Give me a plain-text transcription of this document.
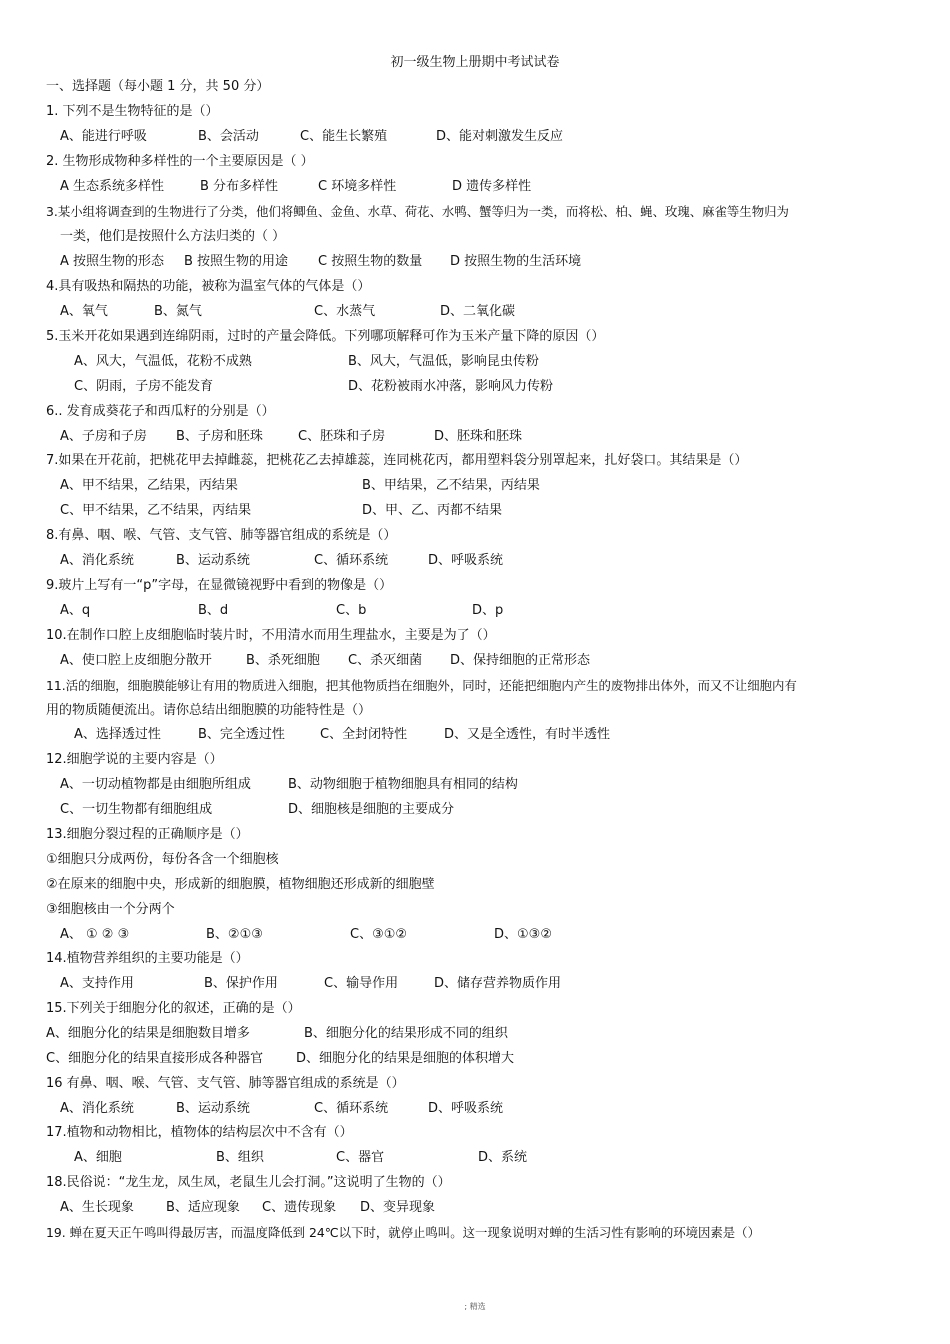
初一级生物上册期中考试试卷
一、选择题（每小题 1 分，共 50 分）
1. 下列不是生物特征的是（）
A、能进行呼吸	B、会活动	C、能生长繁殖	D、能对刺激发生反应
2. 生物形成物种多样性的一个主要原因是（ ）
A 生态系统多样性	B 分布多样性	C 环境多样性	D 遗传多样性
3.某小组将调查到的生物进行了分类，他们将鲫鱼、金鱼、水草、荷花、水鸭、蟹等归为一类，而将松、柏、蝇、玫瑰、麻雀等生物归为
一类，他们是按照什么方法归类的（ ）
A 按照生物的形态 B 按照生物的用途 C 按照生物的数量 D 按照生物的生活环境
4.具有吸热和隔热的功能，被称为温室气体的气体是（）
A、氧气	B、氮气	C、水蒸气	D、二氧化碳
5.玉米开花如果遇到连绵阴雨，过时的产量会降低。下列哪项解释可作为玉米产量下降的原因（）
A、风大，气温低，花粉不成熟	B、风大，气温低，影响昆虫传粉
C、阴雨，子房不能发育	D、花粉被雨水冲落，影响风力传粉
6.. 发育成葵花子和西瓜籽的分别是（）
A、子房和子房 B、子房和胚珠	C、胚珠和子房	D、胚珠和胚珠
7.如果在开花前，把桃花甲去掉雌蕊，把桃花乙去掉雄蕊，连同桃花丙，都用塑料袋分别罩起来，扎好袋口。其结果是（）
A、甲不结果，乙结果，丙结果	B、甲结果，乙不结果，丙结果
C、甲不结果，乙不结果，丙结果	D、甲、乙、丙都不结果
8.有鼻、咽、喉、气管、支气管、肺等器官组成的系统是（）
A、消化系统	B、运动系统	C、循环系统	D、呼吸系统
9.玻片上写有一“p”字母，在显微镜视野中看到的物像是（）
A、q	B、d	C、b	D、p
10.在制作口腔上皮细胞临时装片时，不用清水而用生理盐水，主要是为了（）
A、使口腔上皮细胞分散开	B、杀死细胞 C、杀灭细菌 D、保持细胞的正常形态
11.活的细胞，细胞膜能够让有用的物质进入细胞，把其他物质挡在细胞外，同时，还能把细胞内产生的废物排出体外，而又不让细胞内有
用的物质随便流出。请你总结出细胞膜的功能特性是（）
A、选择透过性	B、完全透过性	C、全封闭特性	D、又是全透性，有时半透性
12.细胞学说的主要内容是（）
A、一切动植物都是由细胞所组成	B、动物细胞于植物细胞具有相同的结构
C、一切生物都有细胞组成	D、细胞核是细胞的主要成分
13.细胞分裂过程的正确顺序是（）
①细胞只分成两份，每份各含一个细胞核
②在原来的细胞中央，形成新的细胞膜，植物细胞还形成新的细胞壁
③细胞核由一个分两个
A、 ① ② ③	B、②①③	C、③①②	D、①③②
14.植物营养组织的主要功能是（）
A、支持作用	B、保护作用	C、输导作用	D、储存营养物质作用
15.下列关于细胞分化的叙述，正确的是（）
A、细胞分化的结果是细胞数目增多	B、细胞分化的结果形成不同的组织
C、细胞分化的结果直接形成各种器官	D、细胞分化的结果是细胞的体积增大
16 有鼻、咽、喉、气管、支气管、肺等器官组成的系统是（）
A、消化系统	B、运动系统	C、循环系统	D、呼吸系统
17.植物和动物相比，植物体的结构层次中不含有（）
A、细胞	B、组织	C、器官	D、系统
18.民俗说：“龙生龙，凤生凤，老鼠生儿会打洞。”这说明了生物的（）
A、生长现象 B、适应现象 C、遗传现象 D、变异现象
19. 蝉在夏天正午鸣叫得最厉害，而温度降低到 24℃以下时，就停止鸣叫。这一现象说明对蝉的生活习性有影响的环境因素是（）
; 精选
